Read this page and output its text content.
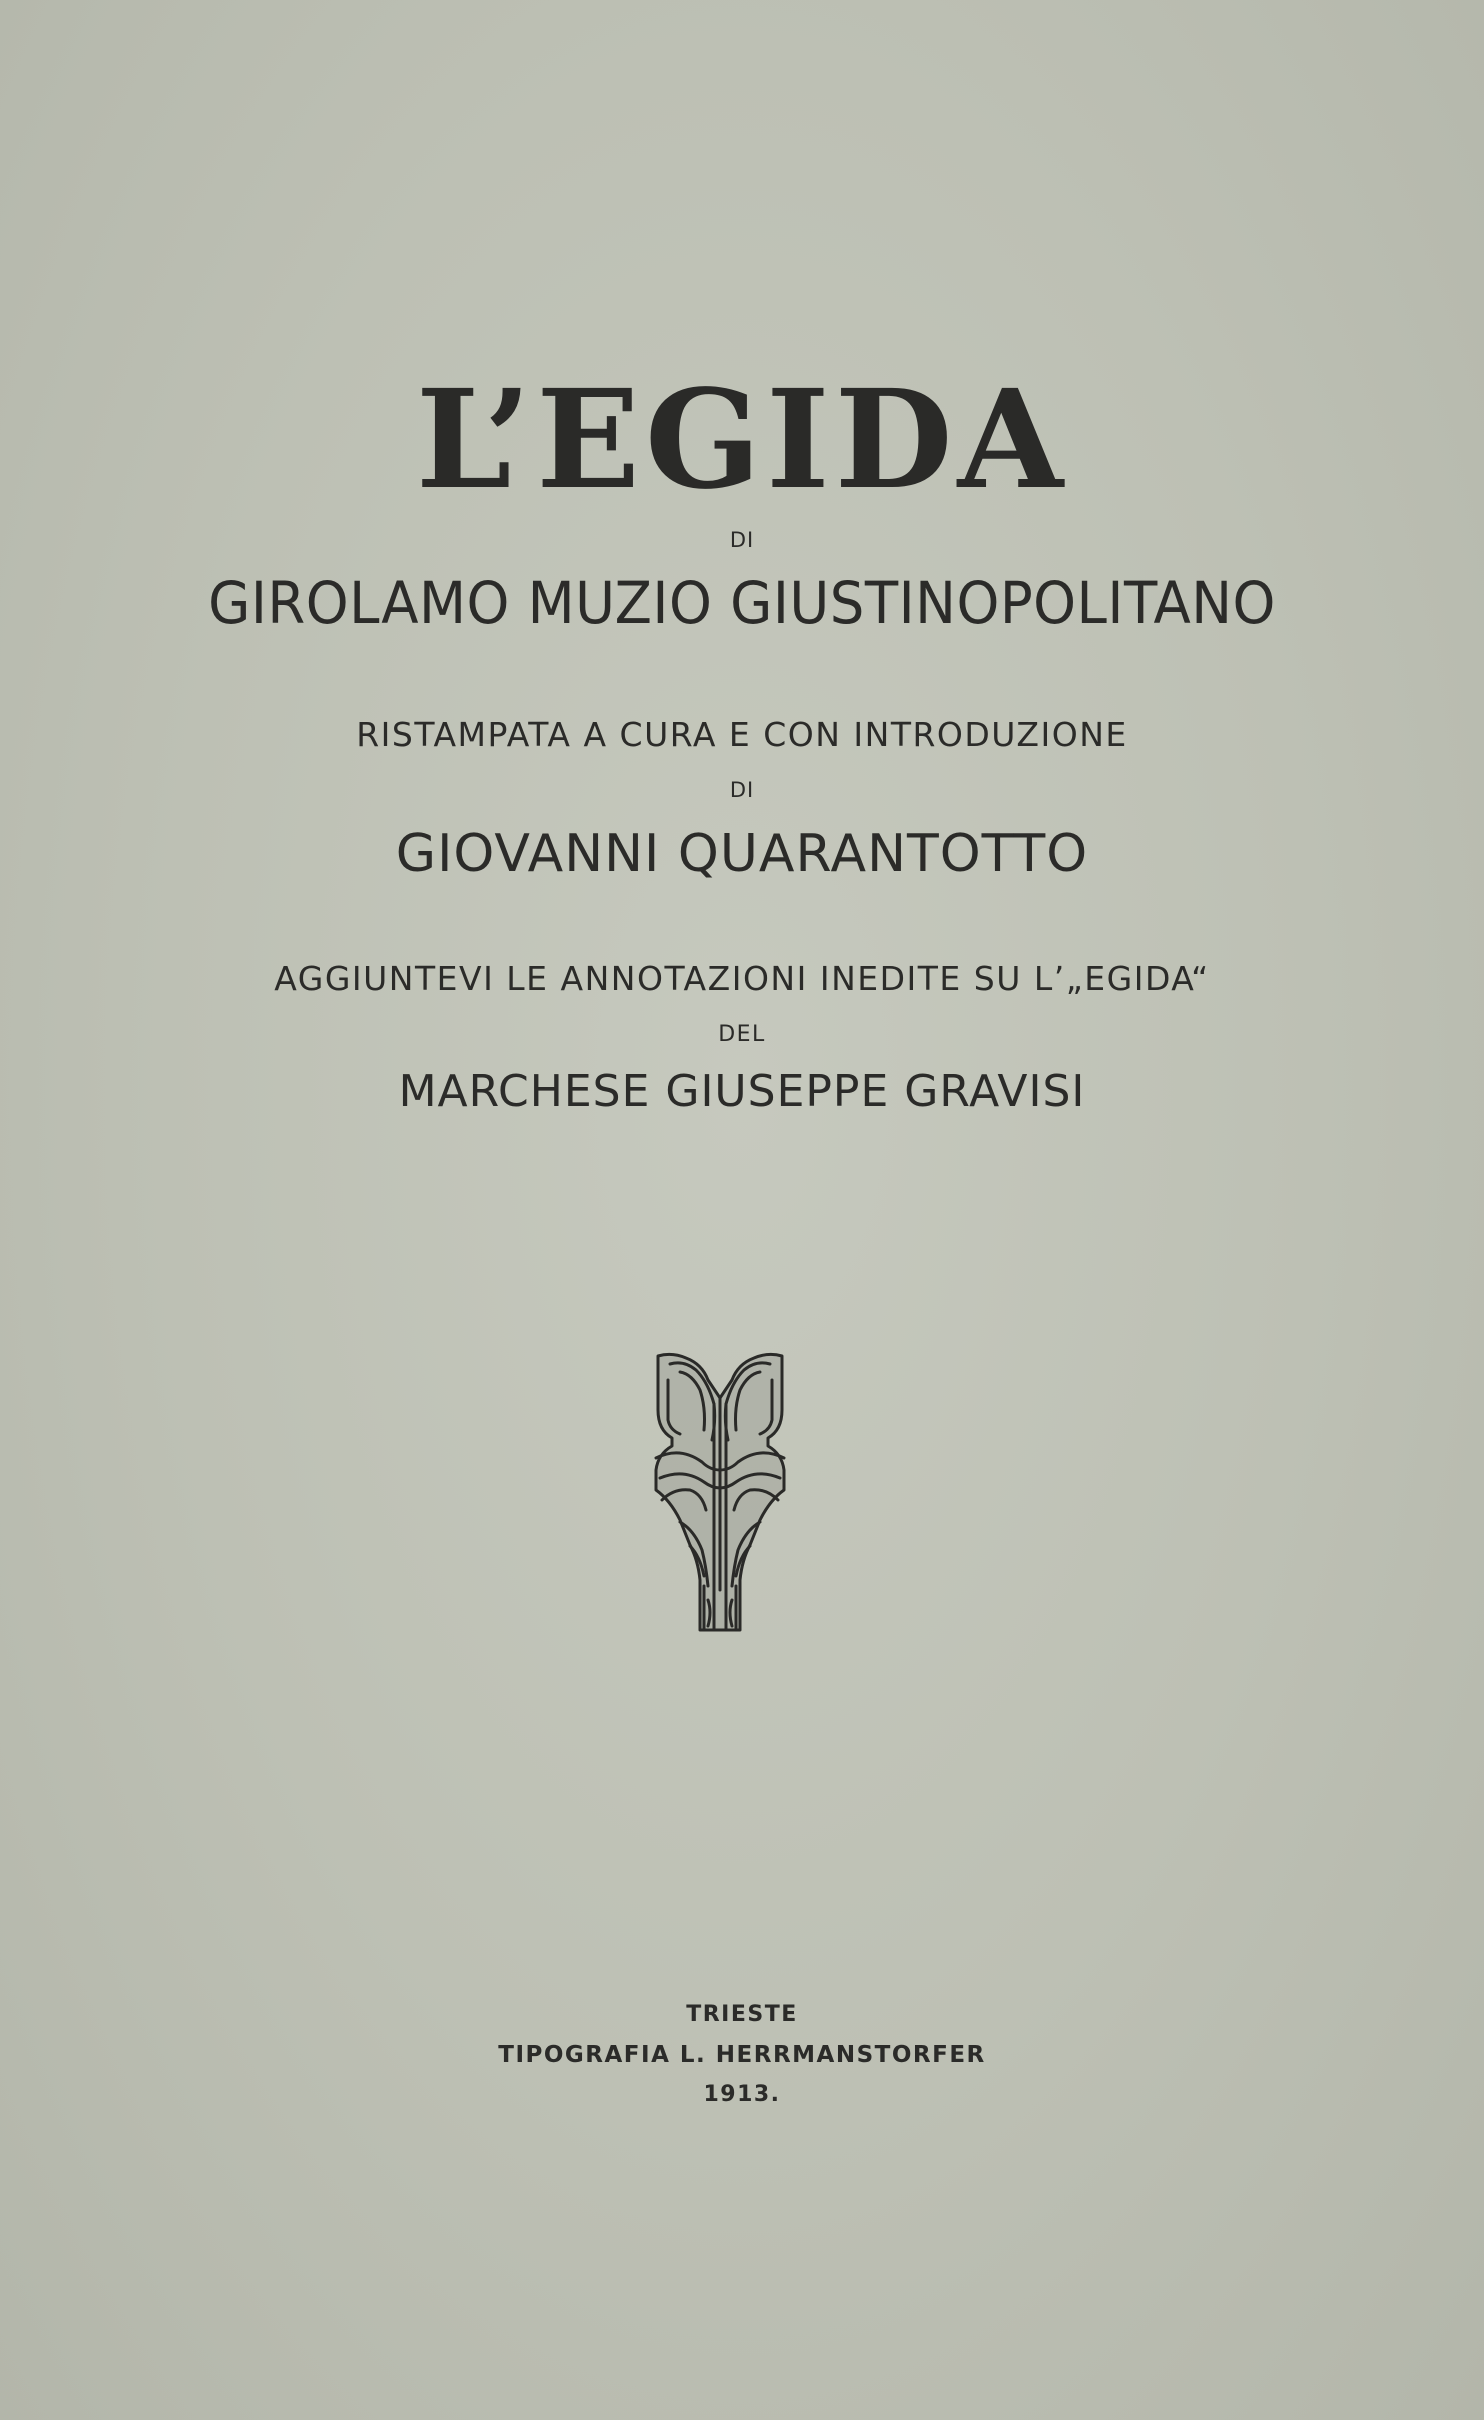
L’EGIDA
DI
GIROLAMO MUZIO GIUSTINOPOLITANO
RISTAMPATA A CURA E CON INTRODUZIONE
DI
GIOVANNI QUARANTOTTO
AGGIUNTEVI LE ANNOTAZIONI INEDITE SU L’„EGIDA“
DEL
MARCHESE GIUSEPPE GRAVISI
TRIESTE
TIPOGRAFIA L. HERRMANSTORFER
1913.
